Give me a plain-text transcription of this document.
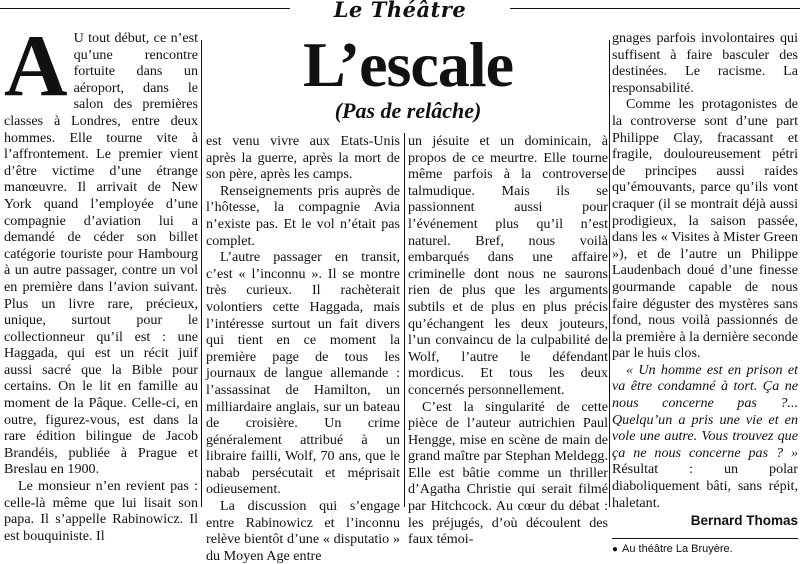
Le Théâtre
L’escale
(Pas de relâche)

A U tout début, ce n’est qu’une rencontre fortuite dans un aéroport, dans le salon des premières classes à Londres, entre deux hommes. Elle tourne vite à l’affrontement. Le premier vient d’être victime d’une étrange manœuvre. Il arrivait de New York quand l’employée d’une compagnie d’aviation lui a demandé de céder son billet catégorie touriste pour Hambourg à un autre passager, contre un vol en première dans l’avion suivant. Plus un livre rare, précieux, unique, surtout pour le collectionneur qu’il est : une Haggada, qui est un récit juif aussi sacré que la Bible pour certains. On le lit en famille au moment de la Pâque. Celle-ci, en outre, figurez-vous, est dans la rare édition bilingue de Jacob Brandéis, publiée à Prague et Breslau en 1900.

Le monsieur n’en revient pas : celle-là même que lui lisait son papa. Il s’appelle Rabinowicz. Il est bouquiniste. Il

est venu vivre aux Etats-Unis après la guerre, après la mort de son père, après les camps.

Renseignements pris auprès de l’hôtesse, la compagnie Avia n’existe pas. Et le vol n’était pas complet.

L’autre passager en transit, c’est « l’inconnu ». Il se montre très curieux. Il rachèterait volontiers cette Haggada, mais l’intéresse surtout un fait divers qui tient en ce moment la première page de tous les journaux de langue allemande : l’assassinat de Hamilton, un milliardaire anglais, sur un bateau de croisière. Un crime généralement attribué à un libraire failli, Wolf, 70 ans, que le nabab persécutait et méprisait odieusement.

La discussion qui s’engage entre Rabinowicz et l’inconnu relève bientôt d’une « disputatio » du Moyen Age entre

un jésuite et un dominicain, à propos de ce meurtre. Elle tourne même parfois à la controverse talmudique. Mais ils se passionnent aussi pour l’événement plus qu’il n’est naturel. Bref, nous voilà embarqués dans une affaire criminelle dont nous ne saurons rien de plus que les arguments subtils et de plus en plus précis qu’échangent les deux jouteurs, l’un convaincu de la culpabilité de Wolf, l’autre le défendant mordicus. Et tous les deux concernés personnellement.

C’est la singularité de cette pièce de l’auteur autrichien Paul Hengge, mise en scène de main de grand maître par Stephan Meldegg. Elle est bâtie comme un thriller d’Agatha Christie qui serait filmé par Hitchcock. Au cœur du débat : les préjugés, d’où découlent des faux témoi-

gnages parfois involontaires qui suffisent à faire basculer des destinées. Le racisme. La responsabilité.

Comme les protagonistes de la controverse sont d’une part Philippe Clay, fracassant et fragile, douloureusement pétri de principes aussi raides qu’émouvants, parce qu’ils vont craquer (il se montrait déjà aussi prodigieux, la saison passée, dans les « Visites à Mister Green »), et de l’autre un Philippe Laudenbach doué d’une finesse gourmande capable de nous faire déguster des mystères sans fond, nous voilà passionnés de la première à la dernière seconde par le huis clos.

« Un homme est en prison et va être condamné à tort. Ça ne nous concerne pas ?... Quelqu’un a pris une vie et en vole une autre. Vous trouvez que ça ne nous concerne pas ? » Résultat : un polar diaboliquement bâti, sans répit, haletant.

Bernard Thomas
● Au théâtre La Bruyère.
